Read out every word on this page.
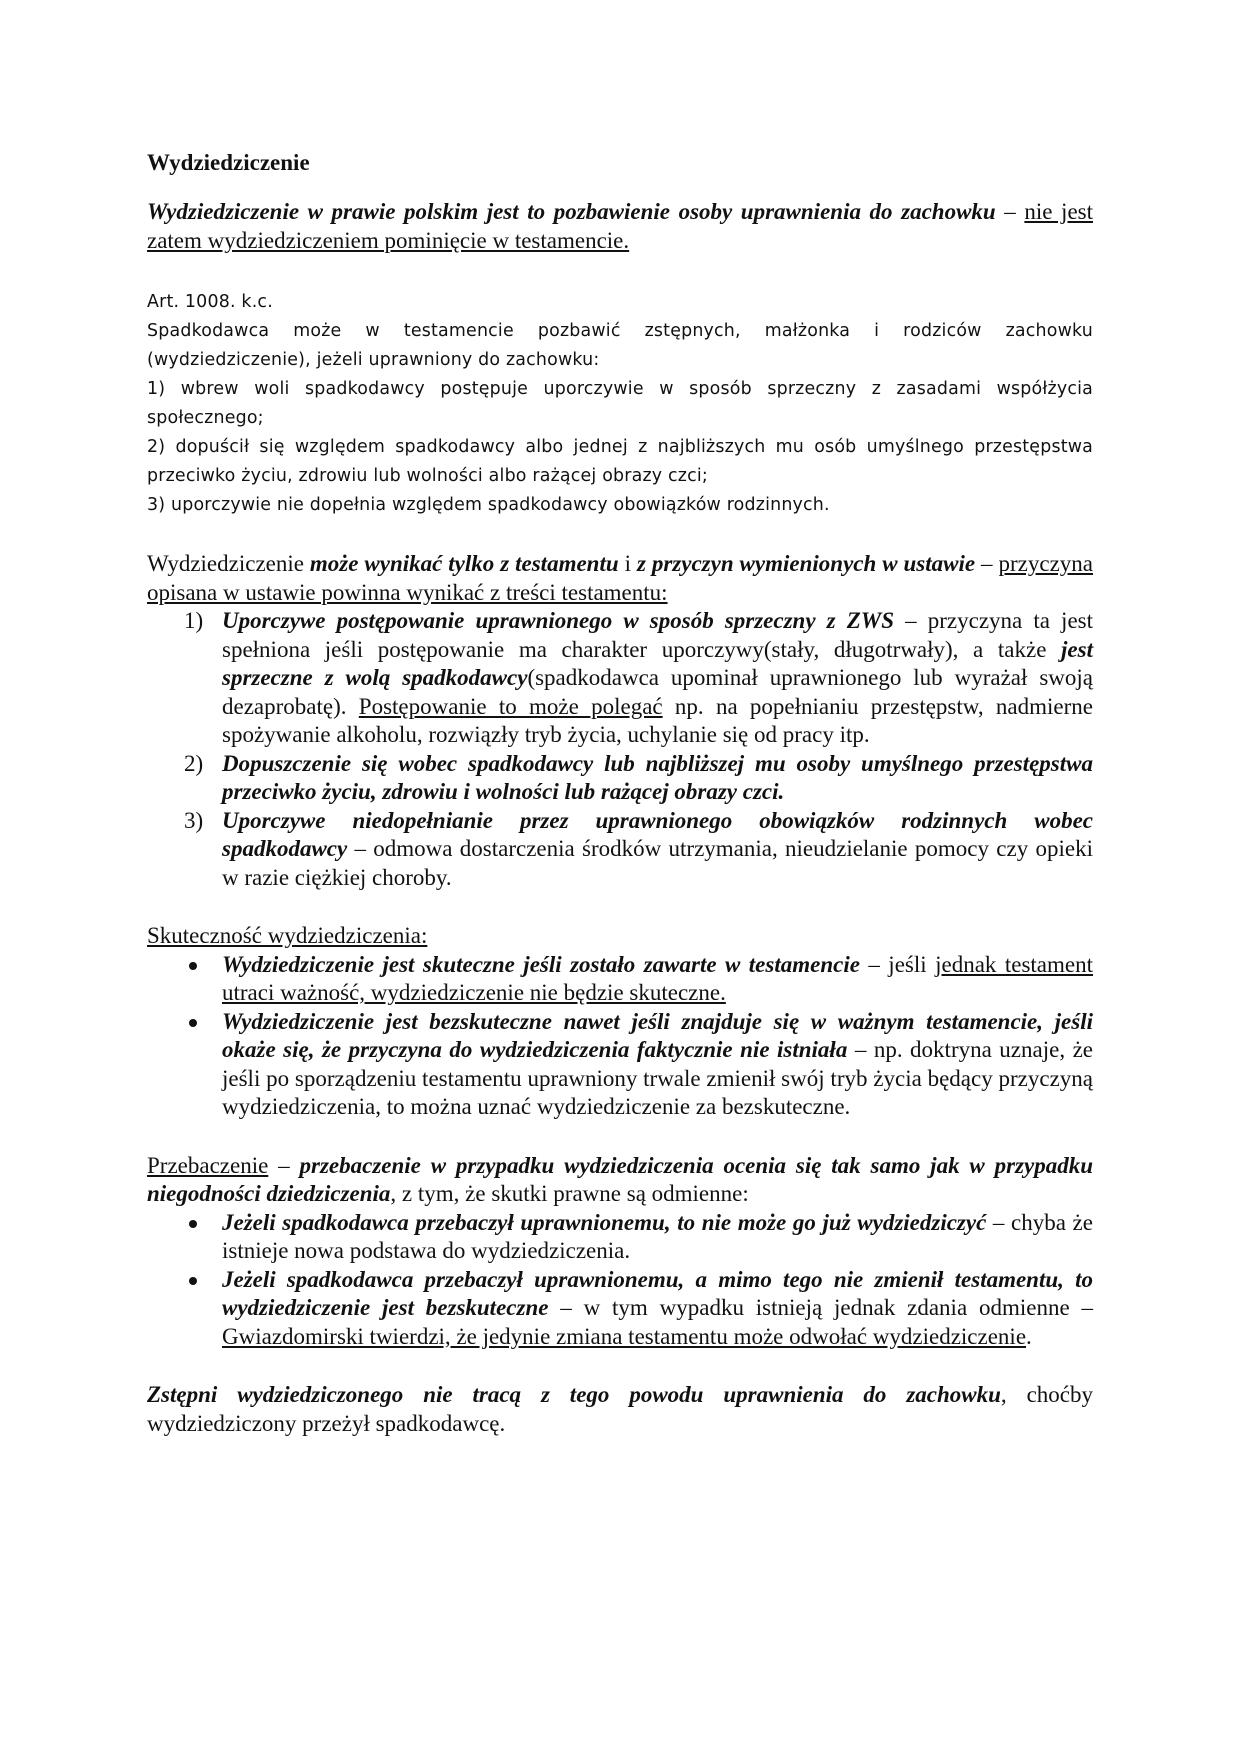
Wydziedziczenie

Wydziedziczenie w prawie polskim jest to pozbawienie osoby uprawnienia do zachowku – nie jest zatem wydziedziczeniem pominięcie w testamencie.

Art. 1008. k.c.

Spadkodawca może w testamencie pozbawić zstępnych, małżonka i rodziców zachowku (wydziedziczenie), jeżeli uprawniony do zachowku:

1) wbrew woli spadkodawcy postępuje uporczywie w sposób sprzeczny z zasadami współżycia społecznego;

2) dopuścił się względem spadkodawcy albo jednej z najbliższych mu osób umyślnego przestępstwa przeciwko życiu, zdrowiu lub wolności albo rażącej obrazy czci;

3) uporczywie nie dopełnia względem spadkodawcy obowiązków rodzinnych.

Wydziedziczenie może wynikać tylko z testamentu i z przyczyn wymienionych w ustawie – przyczyna opisana w ustawie powinna wynikać z treści testamentu:

1) Uporczywe postępowanie uprawnionego w sposób sprzeczny z ZWS – przyczyna ta jest spełniona jeśli postępowanie ma charakter uporczywy(stały, długotrwały), a także jest sprzeczne z wolą spadkodawcy(spadkodawca upominał uprawnionego lub wyrażał swoją dezaprobatę). Postępowanie to może polegać np. na popełnianiu przestępstw, nadmierne spożywanie alkoholu, rozwiązły tryb życia, uchylanie się od pracy itp.
2) Dopuszczenie się wobec spadkodawcy lub najbliższej mu osoby umyślnego przestępstwa przeciwko życiu, zdrowiu i wolności lub rażącej obrazy czci.
3) Uporczywe niedopełnianie przez uprawnionego obowiązków rodzinnych wobec spadkodawcy – odmowa dostarczenia środków utrzymania, nieudzielanie pomocy czy opieki w razie ciężkiej choroby.

Skuteczność wydziedziczenia:

Wydziedziczenie jest skuteczne jeśli zostało zawarte w testamencie – jeśli jednak testament utraci ważność, wydziedziczenie nie będzie skuteczne.
Wydziedziczenie jest bezskuteczne nawet jeśli znajduje się w ważnym testamencie, jeśli okaże się, że przyczyna do wydziedziczenia faktycznie nie istniała – np. doktryna uznaje, że jeśli po sporządzeniu testamentu uprawniony trwale zmienił swój tryb życia będący przyczyną wydziedziczenia, to można uznać wydziedziczenie za bezskuteczne.

Przebaczenie – przebaczenie w przypadku wydziedziczenia ocenia się tak samo jak w przypadku niegodności dziedziczenia, z tym, że skutki prawne są odmienne:

Jeżeli spadkodawca przebaczył uprawnionemu, to nie może go już wydziedziczyć – chyba że istnieje nowa podstawa do wydziedziczenia.
Jeżeli spadkodawca przebaczył uprawnionemu, a mimo tego nie zmienił testamentu, to wydziedziczenie jest bezskuteczne – w tym wypadku istnieją jednak zdania odmienne – Gwiazdomirski twierdzi, że jedynie zmiana testamentu może odwołać wydziedziczenie.

Zstępni wydziedziczonego nie tracą z tego powodu uprawnienia do zachowku, choćby wydziedziczony przeżył spadkodawcę.
